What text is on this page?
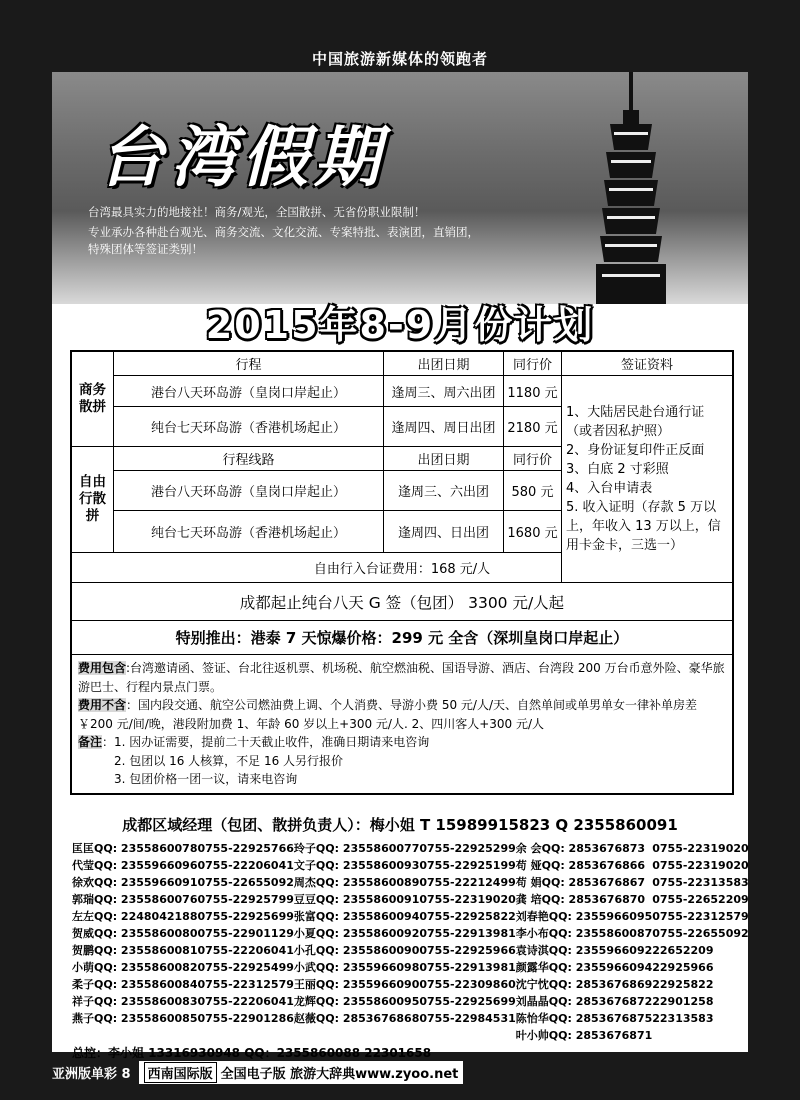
中国旅游新媒体的领跑者
台湾假期
台湾最具实力的地接社！商务/观光，全国散拼、无省份职业限制！
专业承办各种赴台观光、商务交流、文化交流、专案特批、表演团，直销团，
特殊团体等签证类别！
2015年8-9月份计划
商务散拼	行程	出团日期	同行价	签证资料
	港台八天环岛游（皇岗口岸起止）	逢周三、周六出团	1180 元	1、大陆居民赴台通行证（或者因私护照）
2、身份证复印件正反面
3、白底 2 寸彩照
4、入台申请表
5. 收入证明（存款 5 万以上，年收入 13 万以上，信用卡金卡，三选一）

	纯台七天环岛游（香港机场起止）	逢周四、周日出团	2180 元	
自由行散拼	行程线路	出团日期	同行价	
	港台八天环岛游（皇岗口岸起止）	逢周三、六出团	580 元	
	纯台七天环岛游（香港机场起止）	逢周四、日出团	1680 元	
自由行入台证费用：168 元/人				
成都起止纯台八天 G 签（包团） 3300 元/人起				
特别推出：港泰 7 天惊爆价格：299 元 全含（深圳皇岗口岸起止）				

费用包含:台湾邀请函、签证、台北往返机票、机场税、航空燃油税、国语导游、酒店、台湾段 200 万台币意外险、豪华旅游巴士、行程内景点门票。
费用不含：国内段交通、航空公司燃油费上调、个人消费、导游小费 50 元/人/天、自然单间或单男单女一律补单房差￥200 元/间/晚，港段附加费 1、年龄 60 岁以上+300 元/人. 2、四川客人+300 元/人
备注：1. 因办证需要，提前二十天截止收件，准确日期请来电咨询
2. 包团以 16 人核算，不足 16 人另行报价
3. 包团价格一团一议，请来电咨询				
成都区域经理（包团、散拼负责人）：梅小姐 T 15989915823 Q 2355860091
匡	匡QQ: 2355860078	0755-22925766	玲	子QQ: 2355860077	0755-22925299	余 会QQ: 2853676873	0755-22319020
代	莹QQ: 2355966096	0755-22206041	文	子QQ: 2355860093	0755-22925199	苟 娅QQ: 2853676866	0755-22319020
徐	欢QQ: 2355966091	0755-22655092	周	杰QQ: 2355860089	0755-22212499	苟 娟QQ: 2853676867	0755-22313583
郭	瑞QQ: 2355860076	0755-22925799	豆	豆QQ: 2355860091	0755-22319020	龚 培QQ: 2853676870	0755-22652209
左	左QQ: 2248042188	0755-22925699	张	富QQ: 2355860094	0755-22925822	刘春艳QQ: 2355966095	0755-22312579
贺	威QQ: 2355860080	0755-22901129	小	夏QQ: 2355860092	0755-22913981	李小布QQ: 2355860087	0755-22655092
贺	鹏QQ: 2355860081	0755-22206041	小	孔QQ: 2355860090	0755-22925966	袁诗淇QQ: 2355966092	22652209
小	萌QQ: 2355860082	0755-22925499	小	武QQ: 2355966098	0755-22913981	颜露华QQ: 2355966094	22925966
柔	子QQ: 2355860084	0755-22312579	王	丽QQ: 2355966090	0755-22309860	沈宁忱QQ: 2853676869	22925822
祥	子QQ: 2355860083	0755-22206041	龙	辉QQ: 2355860095	0755-22925699	刘晶晶QQ: 2853676872	22901258
燕	子QQ: 2355860085	0755-22901286	赵	薇QQ: 2853676868	0755-22984531	陈怡华QQ: 2853676875	22313583
						叶小帅QQ: 2853676871	
总控：李小姐 13316930948 QQ：2355860088 22301658
亚洲版单彩 8	西南国际版 全国电子版 旅游大辞典www.zyoo.net
